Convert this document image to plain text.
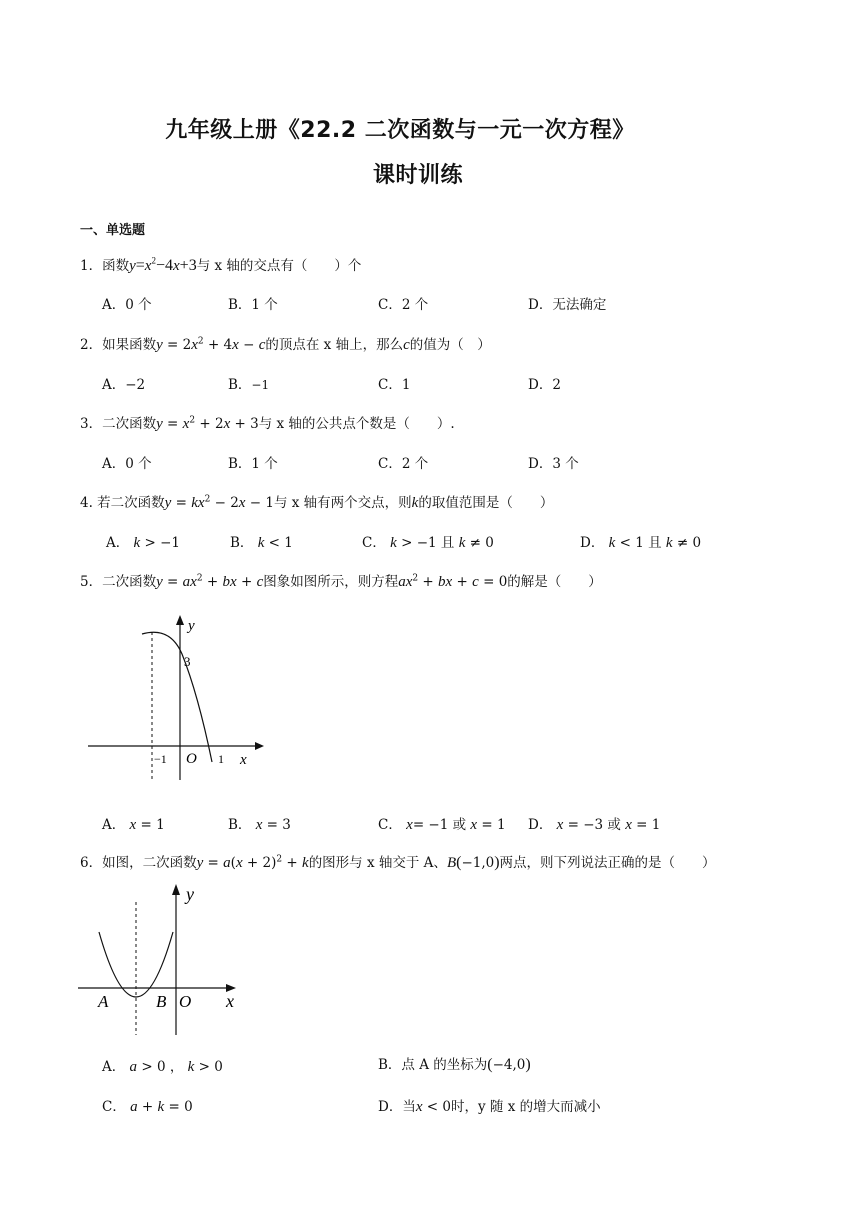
九年级上册《22.2 二次函数与一元一次方程》
课时训练
一、单选题
1．函数$y=x^2-4x+3$与 x 轴的交点有（　　）个
A．0 个	B．1 个	C．2 个	D．无法确定
2．如果函数$y = 2x^2 + 4x - c$的顶点在 x 轴上，那么c的值为（　）
A．−2	B．−1	C．1	D．2
3．二次函数$y = x^2 + 2x + 3$与 x 轴的公共点个数是（　　）.
A．0 个	B．1 个	C．2 个	D．3 个
4. 若二次函数$y = kx^2 - 2x - 1$与 x 轴有两个交点，则k的取值范围是（　　）
A． k > −1	B． k < 1	C． k > −1 且 k ≠ 0	D． k < 1 且 k ≠ 0
5．二次函数$y = ax^2$ + bx + c图象如图所示，则方程$ax^2$ + bx + c = 0的解是（　　）
y
3
−1 O 1 x
A． x = 1	B． x = 3	C． x= −1 或 x = 1 D． x = −3 或 x = 1
6．如图，二次函数$y = a(x + 2)^2 + k$的图形与 x 轴交于 A、B(−1,0)两点，则下列说法正确的是（　　）
y
A	B O x
A． a > 0 ， k > 0	B．点 A 的坐标为(−4,0)
C． a + k = 0	D．当x < 0时，y 随 x 的增大而减小
